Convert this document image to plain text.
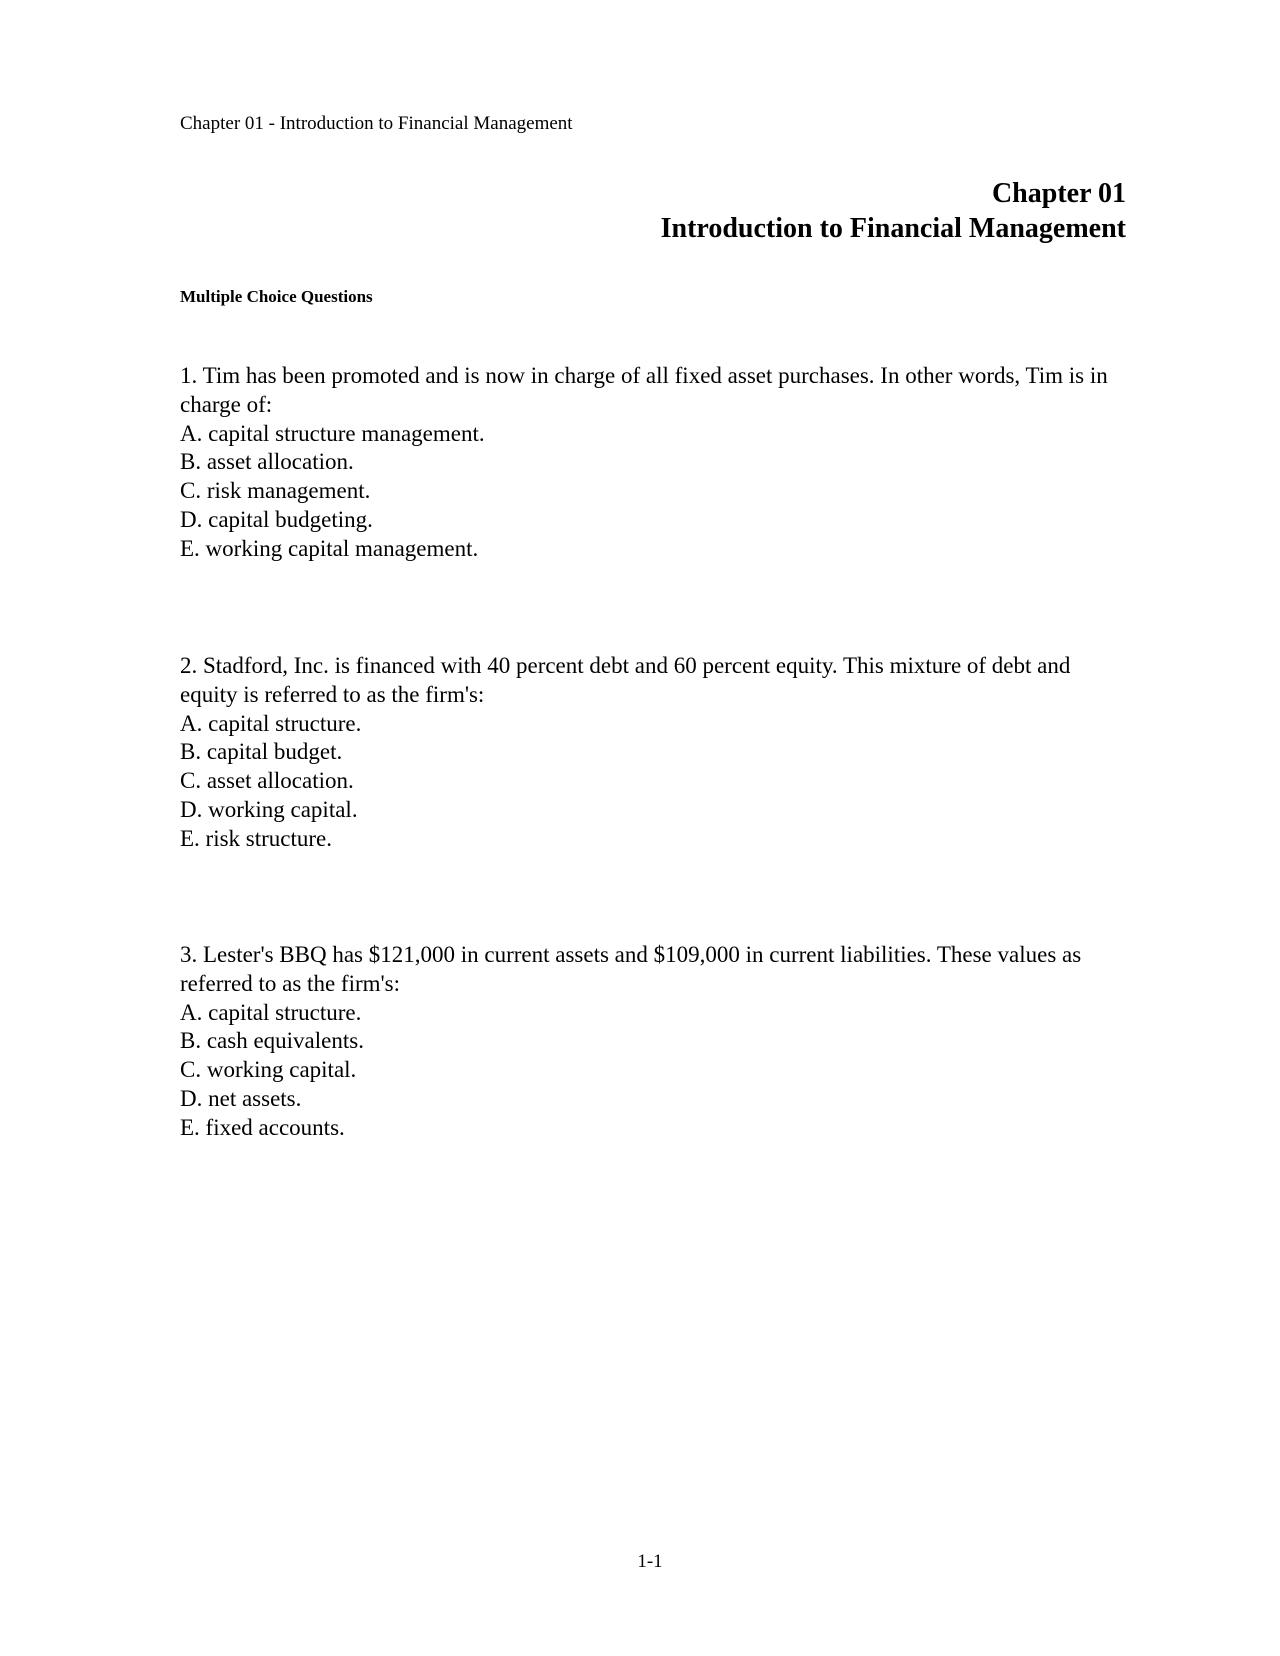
Chapter 01 - Introduction to Financial Management
Chapter 01
Introduction to Financial Management
Multiple Choice Questions

1. Tim has been promoted and is now in charge of all fixed asset purchases. In other words, Tim is in charge of:

A. capital structure management.

B. asset allocation.

C. risk management.

D. capital budgeting.

E. working capital management.

2. Stadford, Inc. is financed with 40 percent debt and 60 percent equity. This mixture of debt and equity is referred to as the firm's:

A. capital structure.

B. capital budget.

C. asset allocation.

D. working capital.

E. risk structure.

3. Lester's BBQ has $121,000 in current assets and $109,000 in current liabilities. These values as referred to as the firm's:

A. capital structure.

B. cash equivalents.

C. working capital.

D. net assets.

E. fixed accounts.

1-1
